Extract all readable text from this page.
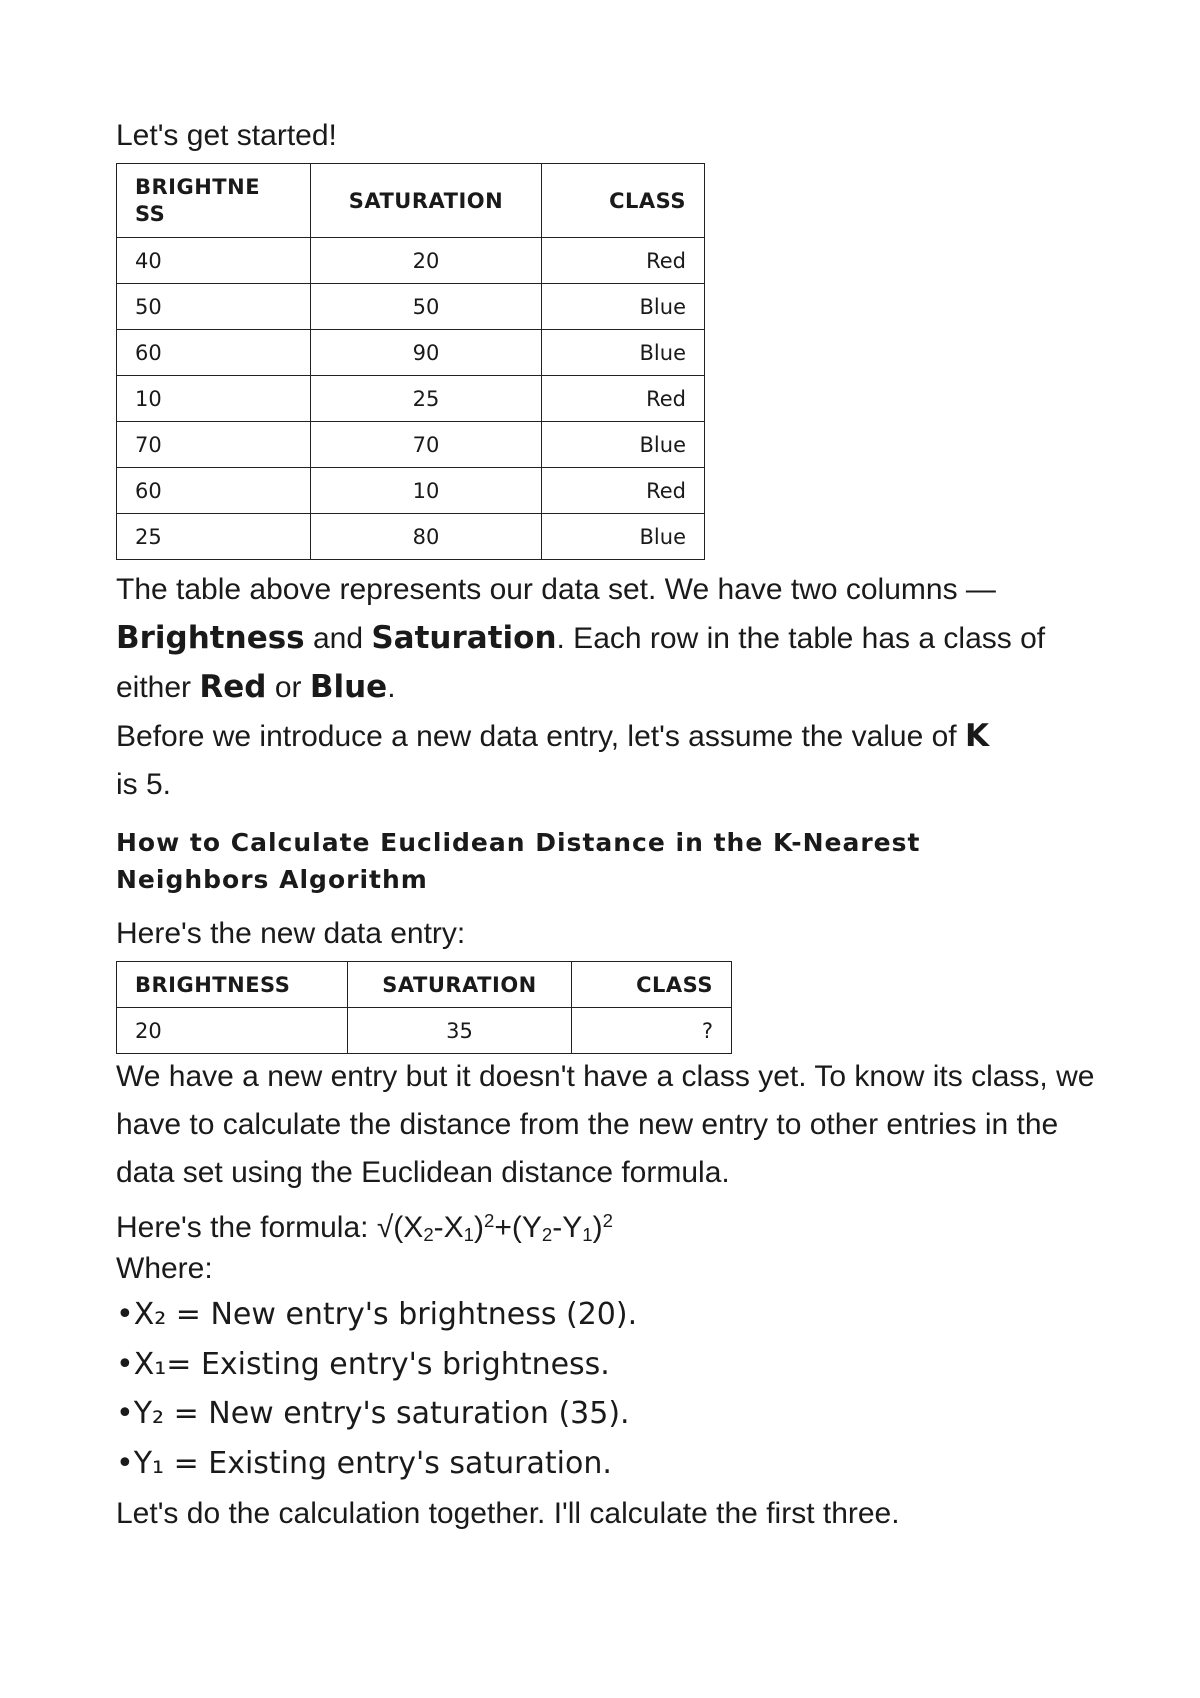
Let's get started!

BRIGHTNE SS	SATURATION	CLASS
40	20	Red
50	50	Blue
60	90	Blue
10	25	Red
70	70	Blue
60	10	Red
25	80	Blue

The table above represents our data set. We have two columns — Brightness and Saturation. Each row in the table has a class of either Red or Blue.

Before we introduce a new data entry, let's assume the value of K is 5.

How to Calculate Euclidean Distance in the K-Nearest Neighbors Algorithm

Here's the new data entry:

BRIGHTNESS	SATURATION	CLASS
20	35	?

We have a new entry but it doesn't have a class yet. To know its class, we have to calculate the distance from the new entry to other entries in the data set using the Euclidean distance formula.

Here's the formula: $√(X_2-X_1)^2+(Y_2-Y_1)^2$

Where:

•X₂ = New entry's brightness (20).
•X₁= Existing entry's brightness.
•Y₂ = New entry's saturation (35).
•Y₁ = Existing entry's saturation.

Let's do the calculation together. I'll calculate the first three.
